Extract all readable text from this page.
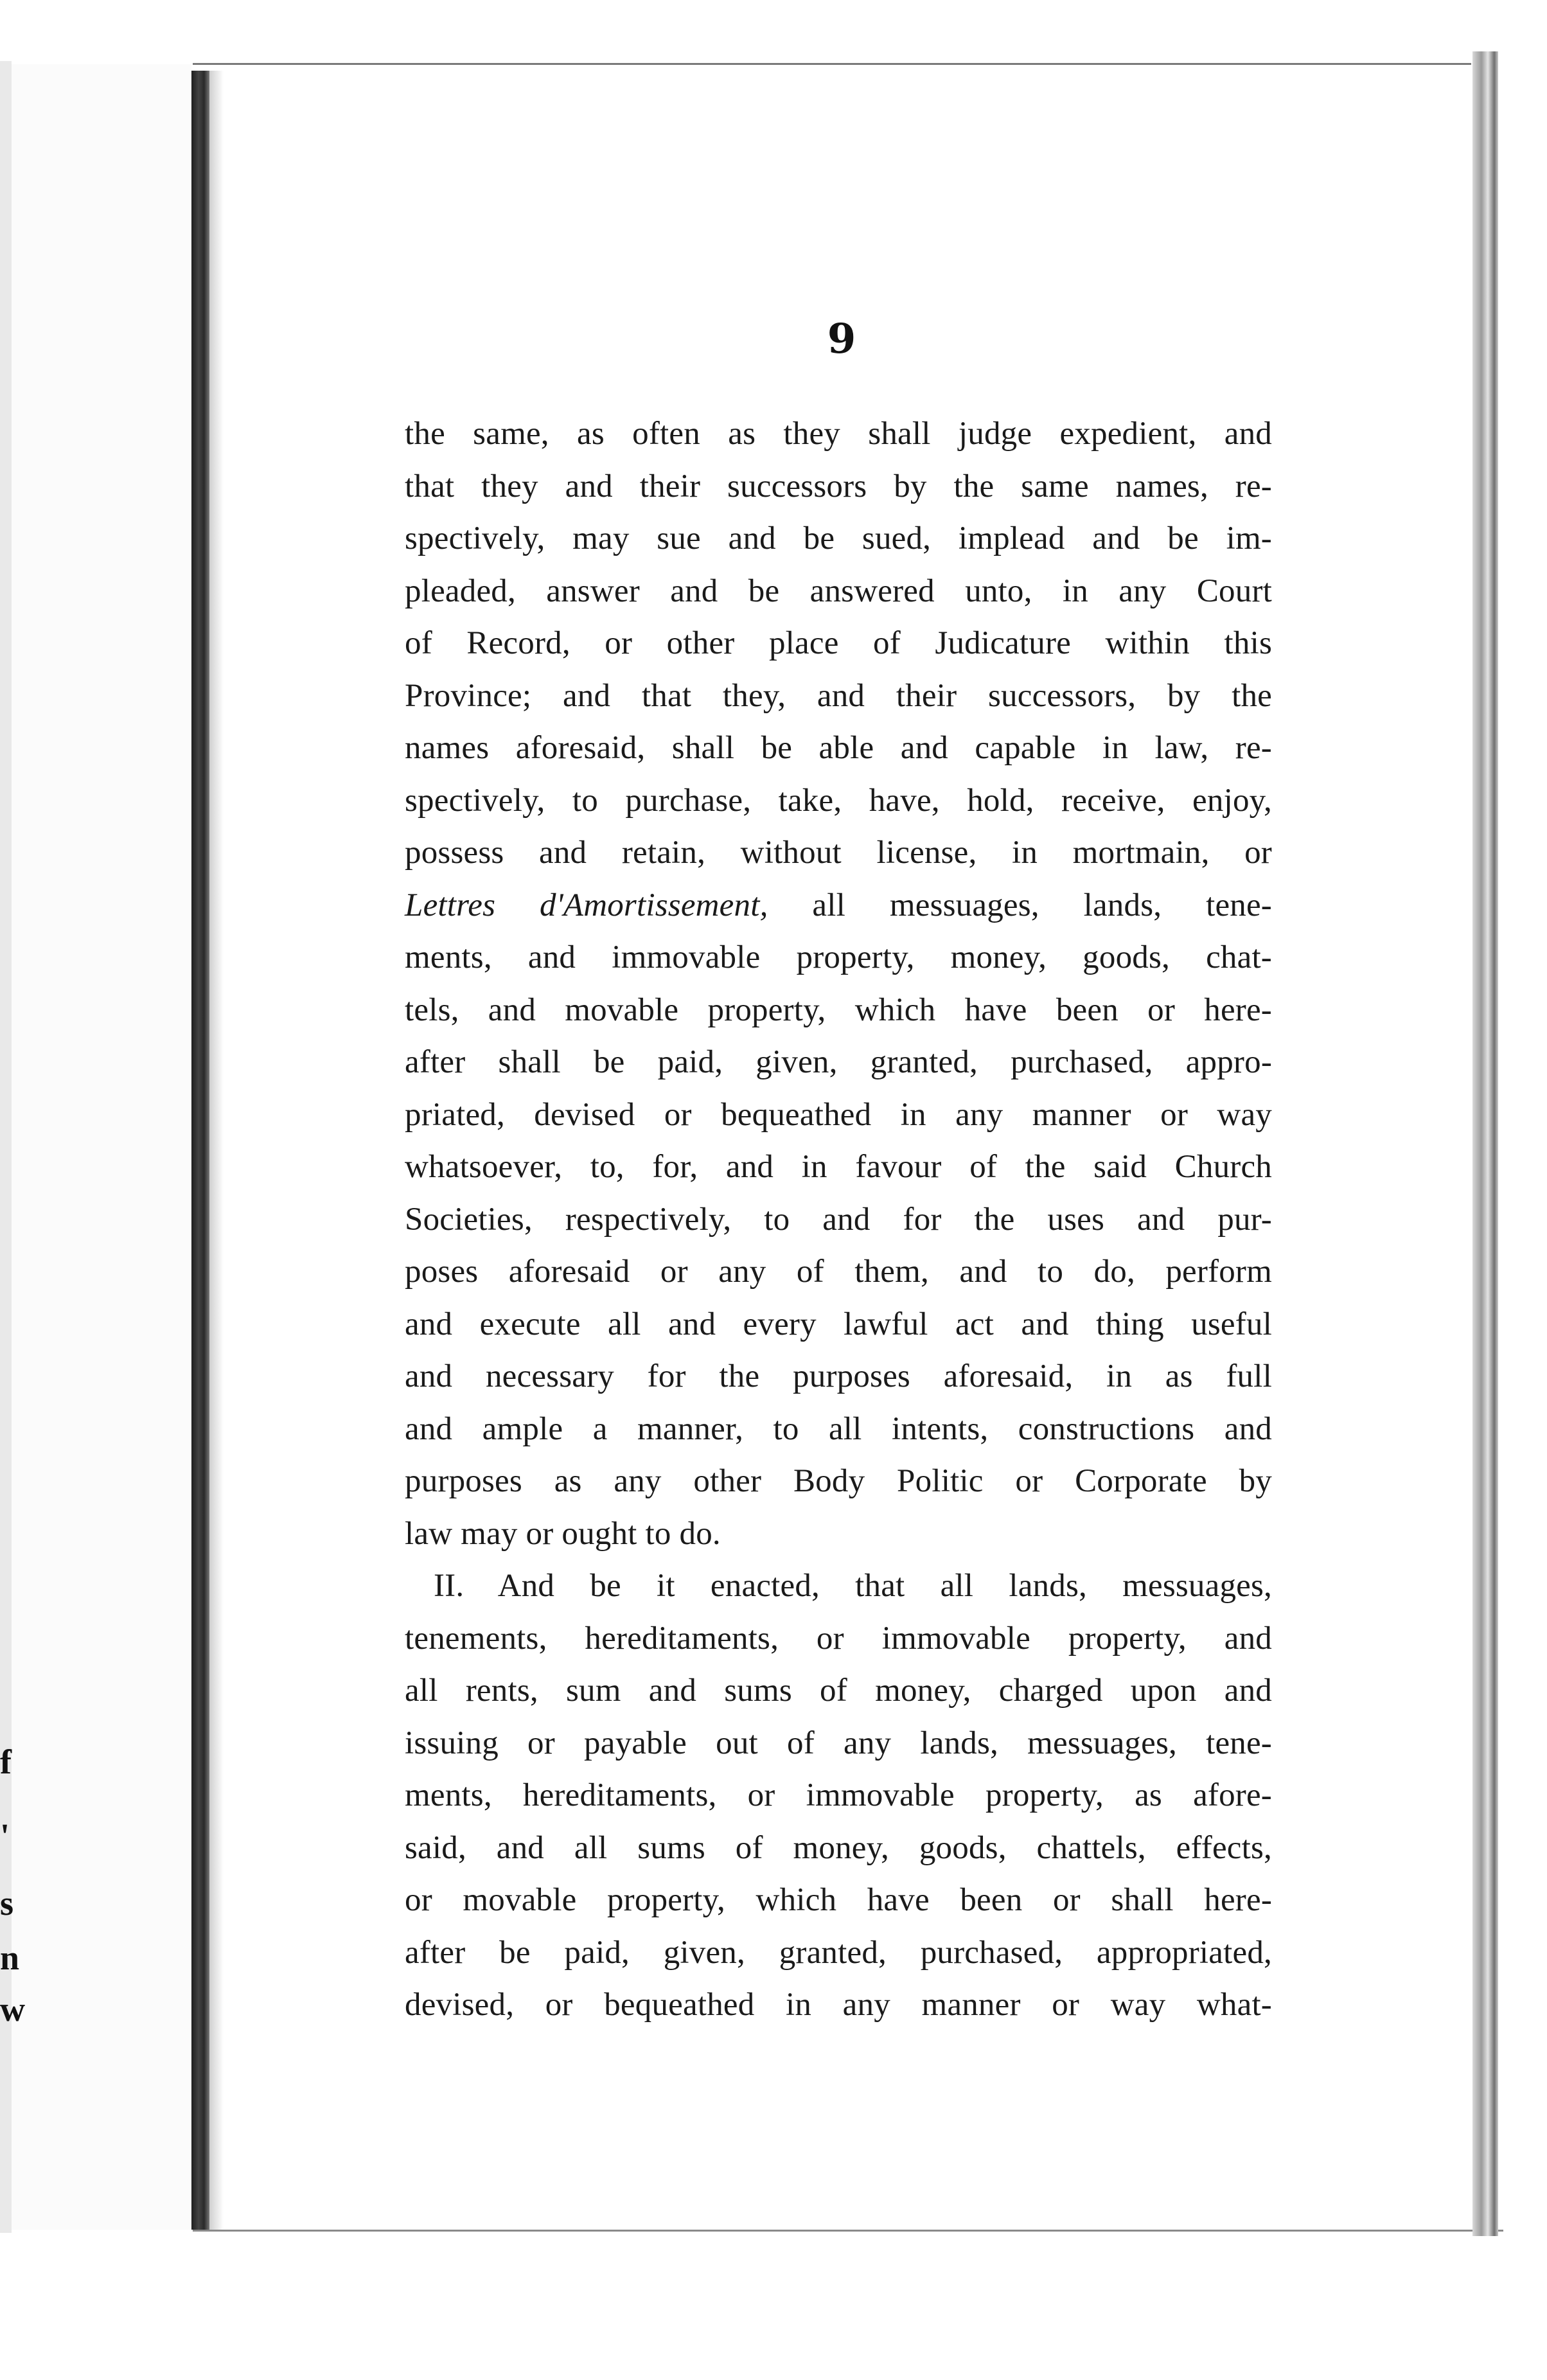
f
'
s
n
w
9
the same, as often as they shall judge expedient, and
that they and their successors by the same names, re-
spectively, may sue and be sued, implead and be im-
pleaded, answer and be answered unto, in any Court
of Record, or other place of Judicature within this
Province; and that they, and their successors, by the
names aforesaid, shall be able and capable in law, re-
spectively, to purchase, take, have, hold, receive, enjoy,
possess and retain, without license, in mortmain, or
Lettres d'Amortissement, all messuages, lands, tene-
ments, and immovable property, money, goods, chat-
tels, and movable property, which have been or here-
after shall be paid, given, granted, purchased, appro-
priated, devised or bequeathed in any manner or way
whatsoever, to, for, and in favour of the said Church
Societies, respectively, to and for the uses and pur-
poses aforesaid or any of them, and to do, perform
and execute all and every lawful act and thing useful
and necessary for the purposes aforesaid, in as full
and ample a manner, to all intents, constructions and
purposes as any other Body Politic or Corporate by
law may or ought to do.
II. And be it enacted, that all lands, messuages,
tenements, hereditaments, or immovable property, and
all rents, sum and sums of money, charged upon and
issuing or payable out of any lands, messuages, tene-
ments, hereditaments, or immovable property, as afore-
said, and all sums of money, goods, chattels, effects,
or movable property, which have been or shall here-
after be paid, given, granted, purchased, appropriated,
devised, or bequeathed in any manner or way what-
